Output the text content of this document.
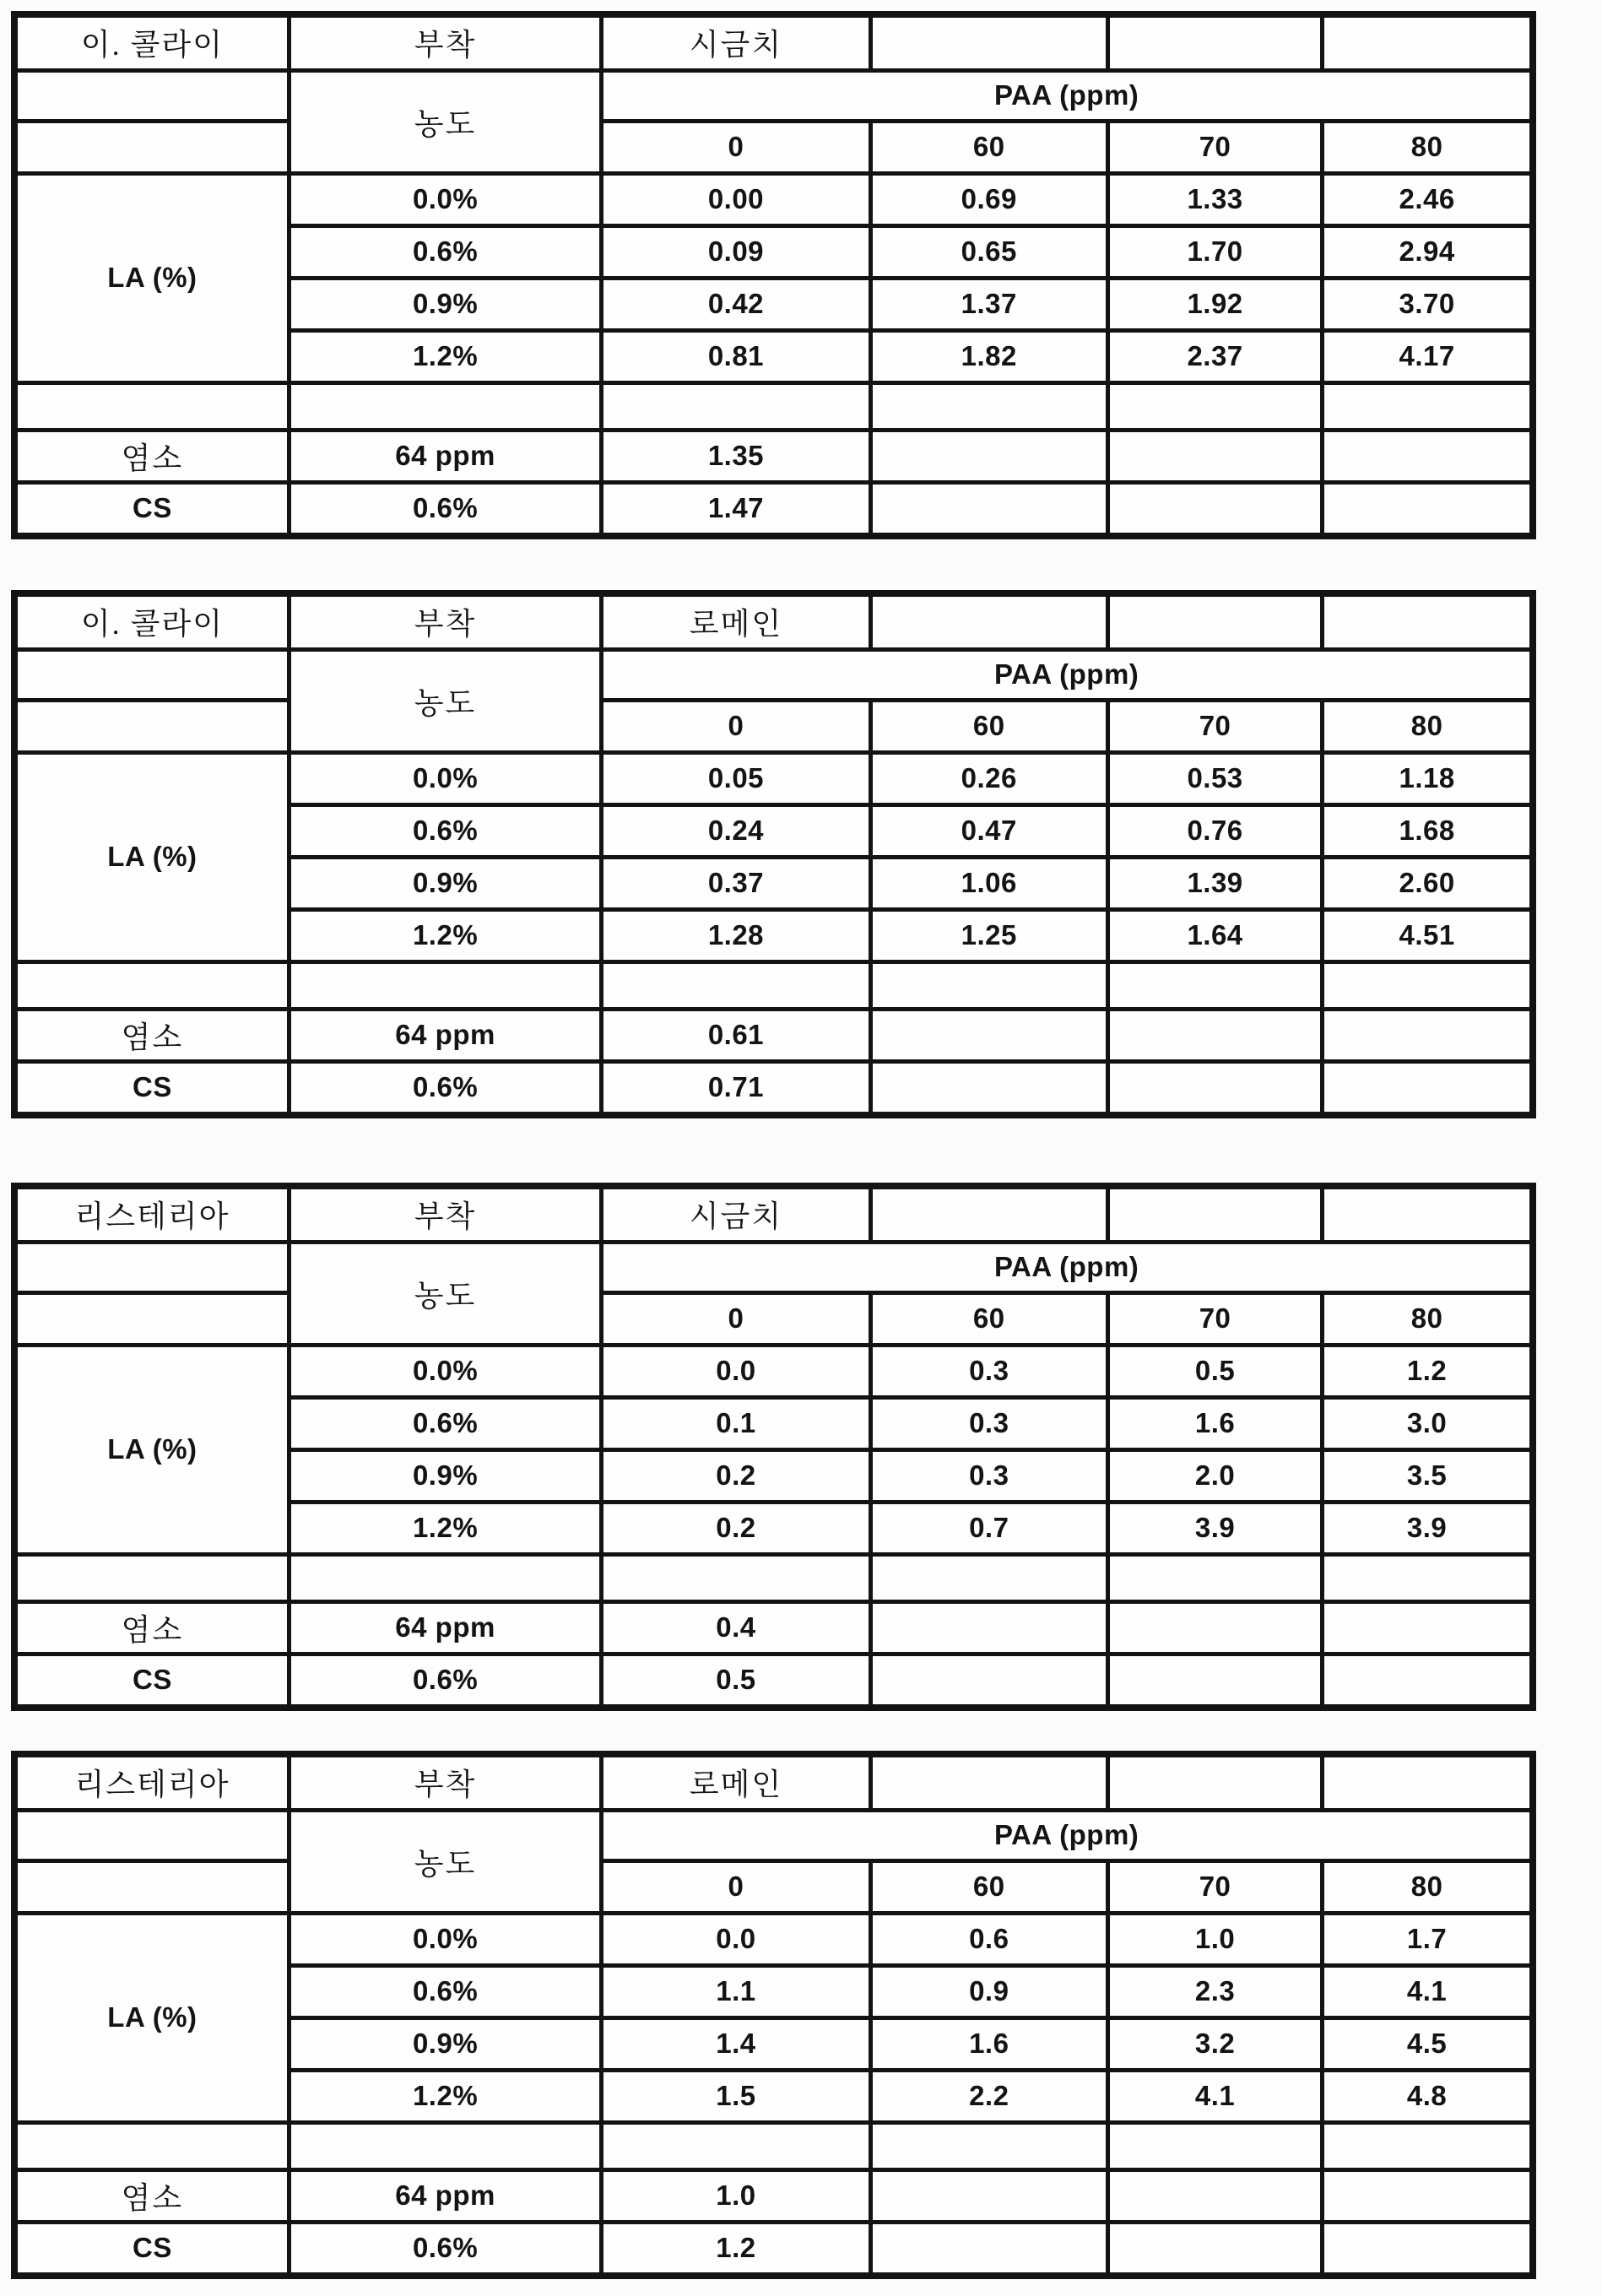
이. 콜라이	부착	시금치			
	농도	PAA (ppm)			
		0	60	70	80
LA (%)	0.0%	0.00	0.69	1.33	2.46
	0.6%	0.09	0.65	1.70	2.94
	0.9%	0.42	1.37	1.92	3.70
	1.2%	0.81	1.82	2.37	4.17

염소	64 ppm	1.35			
CS	0.6%	1.47			
이. 콜라이	부착	로메인			
	농도	PAA (ppm)			
		0	60	70	80
LA (%)	0.0%	0.05	0.26	0.53	1.18
	0.6%	0.24	0.47	0.76	1.68
	0.9%	0.37	1.06	1.39	2.60
	1.2%	1.28	1.25	1.64	4.51

염소	64 ppm	0.61			
CS	0.6%	0.71			
리스테리아	부착	시금치			
	농도	PAA (ppm)			
		0	60	70	80
LA (%)	0.0%	0.0	0.3	0.5	1.2
	0.6%	0.1	0.3	1.6	3.0
	0.9%	0.2	0.3	2.0	3.5
	1.2%	0.2	0.7	3.9	3.9

염소	64 ppm	0.4			
CS	0.6%	0.5			
리스테리아	부착	로메인			
	농도	PAA (ppm)			
		0	60	70	80
LA (%)	0.0%	0.0	0.6	1.0	1.7
	0.6%	1.1	0.9	2.3	4.1
	0.9%	1.4	1.6	3.2	4.5
	1.2%	1.5	2.2	4.1	4.8

염소	64 ppm	1.0			
CS	0.6%	1.2			
